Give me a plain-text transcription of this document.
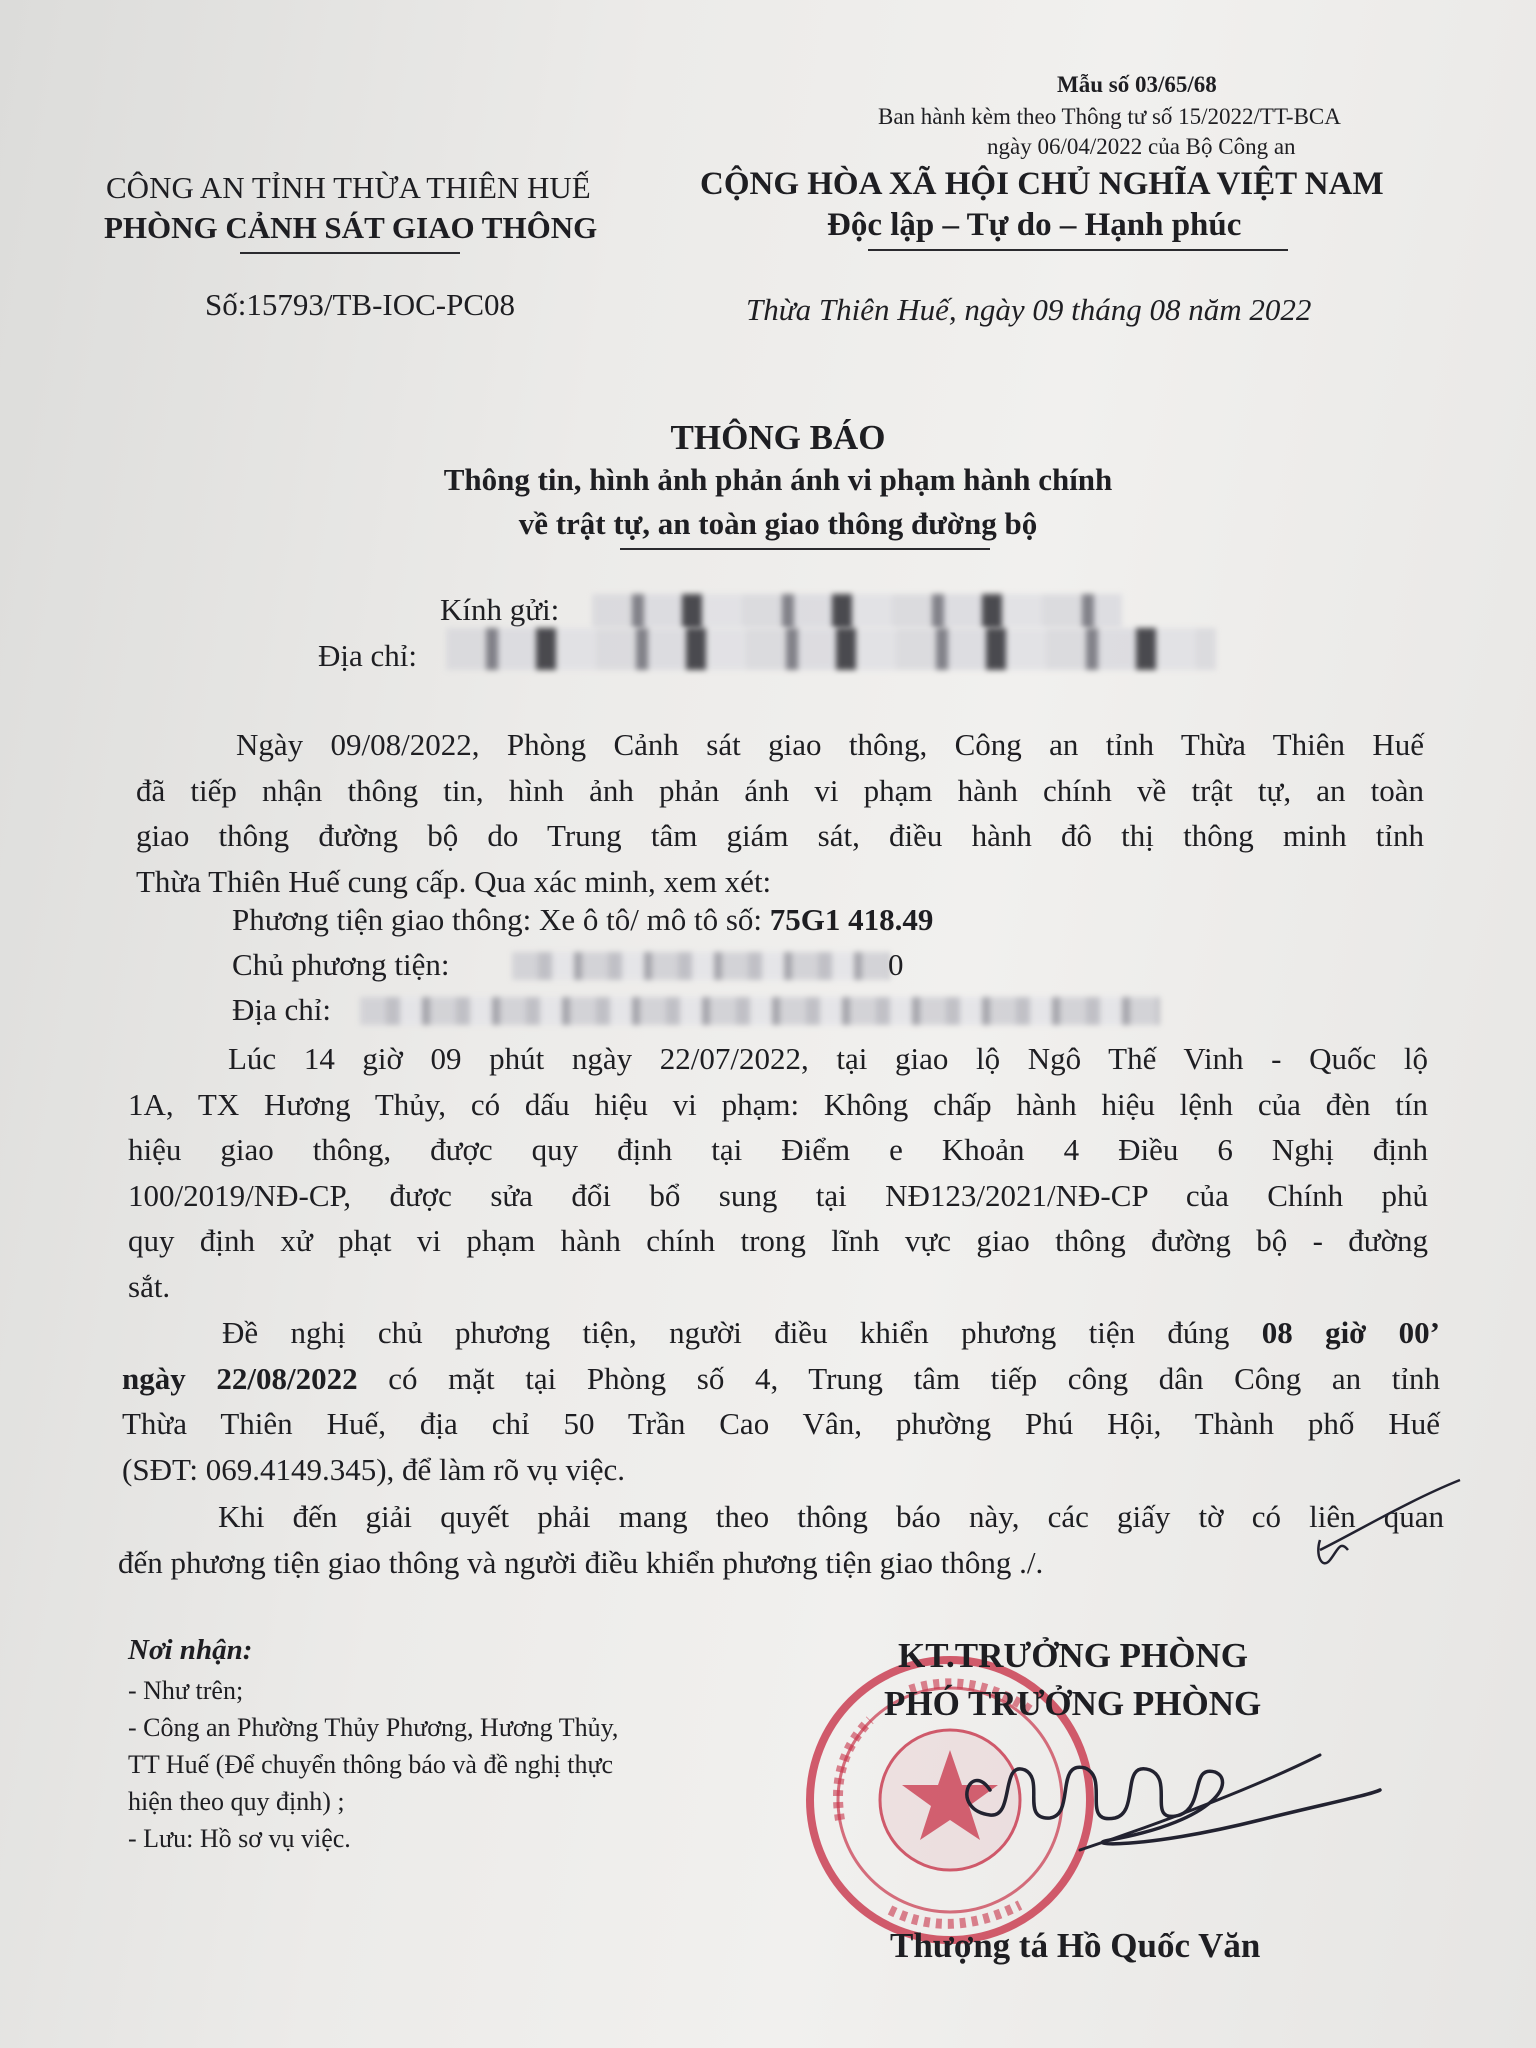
Mẫu số 03/65/68
Ban hành kèm theo Thông tư số 15/2022/TT-BCA
ngày 06/04/2022 của Bộ Công an
CÔNG AN TỈNH THỪA THIÊN HUẾ
PHÒNG CẢNH SÁT GIAO THÔNG
CỘNG HÒA XÃ HỘI CHỦ NGHĨA VIỆT NAM
Độc lập – Tự do – Hạnh phúc
Số:15793/TB-IOC-PC08	Thừa Thiên Huế, ngày 09 tháng 08 năm 2022
THÔNG BÁO
Thông tin, hình ảnh phản ánh vi phạm hành chính
về trật tự, an toàn giao thông đường bộ
Kính gửi:
Địa chỉ:
Ngày 09/08/2022, Phòng Cảnh sát giao thông, Công an tỉnh Thừa Thiên Huế
đã tiếp nhận thông tin, hình ảnh phản ánh vi phạm hành chính về trật tự, an toàn
giao thông đường bộ do Trung tâm giám sát, điều hành đô thị thông minh tỉnh
Thừa Thiên Huế cung cấp. Qua xác minh, xem xét:
Phương tiện giao thông: Xe ô tô/ mô tô số: 75G1 418.49
Chủ phương tiện:	0
Địa chỉ:
Lúc 14 giờ 09 phút ngày 22/07/2022, tại giao lộ Ngô Thế Vinh - Quốc lộ
1A, TX Hương Thủy, có dấu hiệu vi phạm: Không chấp hành hiệu lệnh của đèn tín
hiệu giao thông, được quy định tại Điểm e Khoản 4 Điều 6 Nghị định
100/2019/NĐ-CP, được sửa đổi bổ sung tại NĐ123/2021/NĐ-CP của Chính phủ
quy định xử phạt vi phạm hành chính trong lĩnh vực giao thông đường bộ - đường
sắt.
Đề nghị chủ phương tiện, người điều khiển phương tiện đúng 08 giờ 00’
ngày 22/08/2022 có mặt tại Phòng số 4, Trung tâm tiếp công dân Công an tỉnh
Thừa Thiên Huế, địa chỉ 50 Trần Cao Vân, phường Phú Hội, Thành phố Huế
(SĐT: 069.4149.345), để làm rõ vụ việc.
Khi đến giải quyết phải mang theo thông báo này, các giấy tờ có liên quan
đến phương tiện giao thông và người điều khiển phương tiện giao thông ./.
Nơi nhận:
- Như trên;
- Công an Phường Thủy Phương, Hương Thủy,
TT Huế (Để chuyển thông báo và đề nghị thực
hiện theo quy định) ;
- Lưu: Hồ sơ vụ việc.
KT.TRƯỞNG PHÒNG
PHÓ TRƯỞNG PHÒNG
Thượng tá Hồ Quốc Văn
